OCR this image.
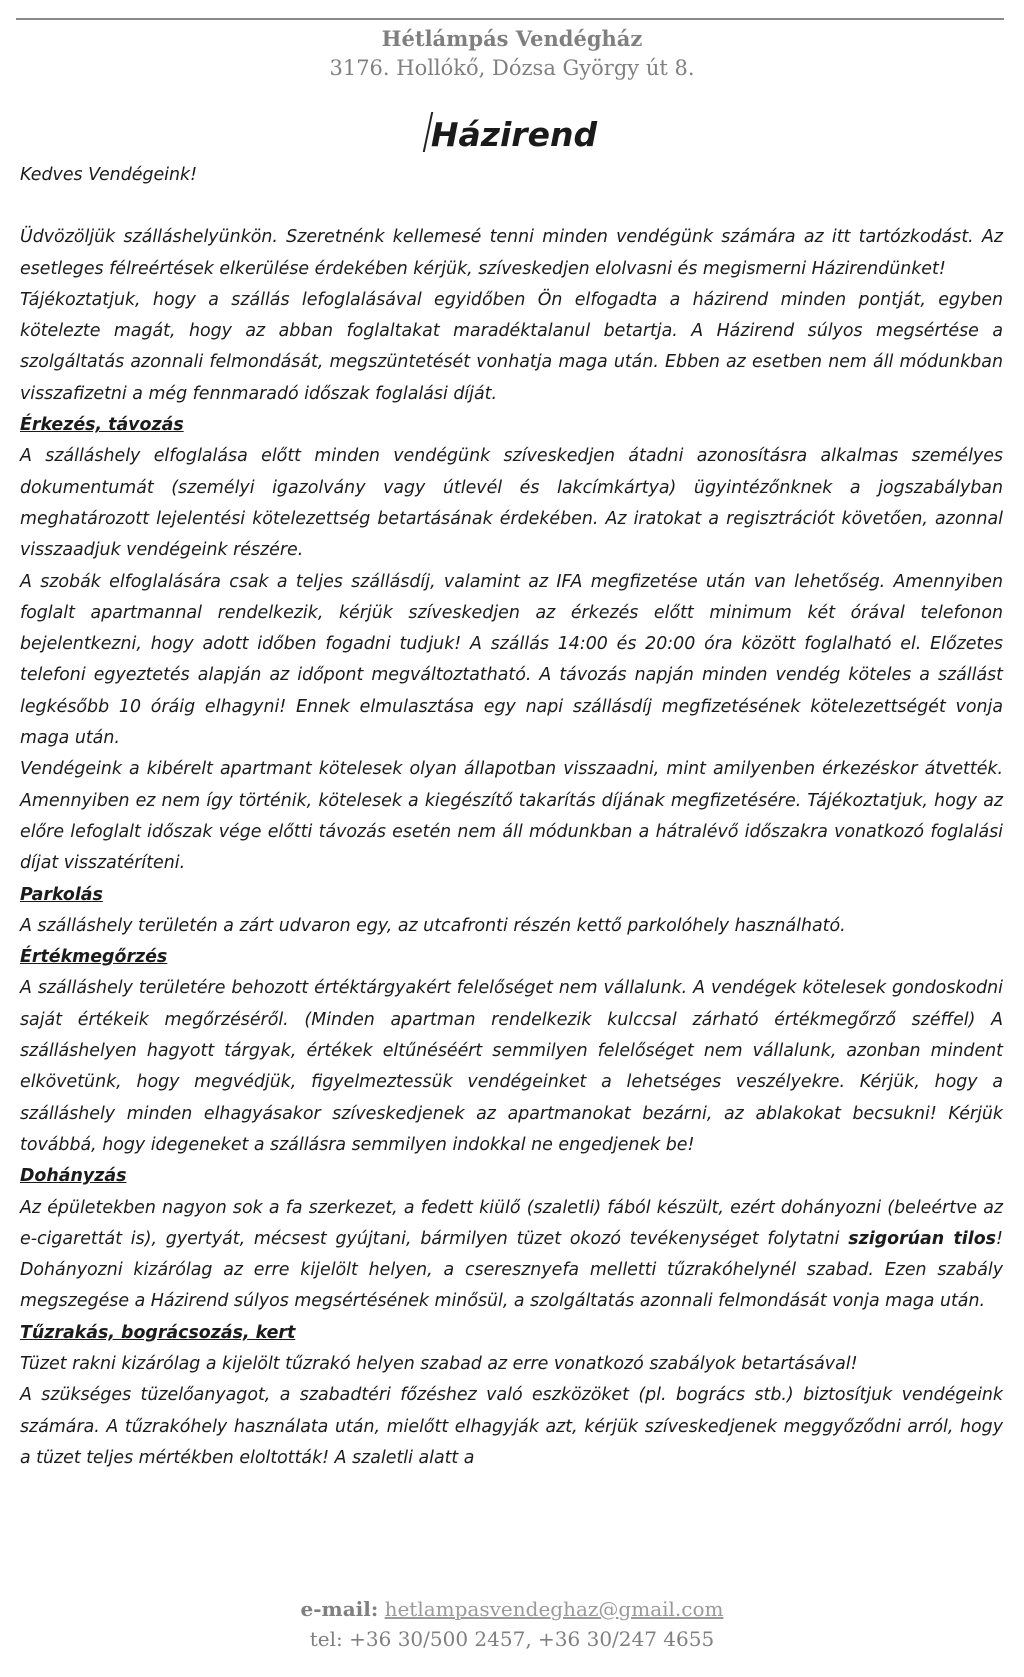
Hétlámpás Vendégház
3176. Hollókő, Dózsa György út 8.
Házirend

Kedves Vendégeink!

Üdvözöljük szálláshelyünkön. Szeretnénk kellemesé tenni minden vendégünk számára az itt tartózkodást. Az esetleges félreértések elkerülése érdekében kérjük, szíveskedjen elolvasni és megismerni Házirendünket!

Tájékoztatjuk, hogy a szállás lefoglalásával egyidőben Ön elfogadta a házirend minden pontját, egyben kötelezte magát, hogy az abban foglaltakat maradéktalanul betartja. A Házirend súlyos megsértése a szolgáltatás azonnali felmondását, megszüntetését vonhatja maga után. Ebben az esetben nem áll módunkban visszafizetni a még fennmaradó időszak foglalási díját.

Érkezés, távozás

A szálláshely elfoglalása előtt minden vendégünk szíveskedjen átadni azonosításra alkalmas személyes dokumentumát (személyi igazolvány vagy útlevél és lakcímkártya) ügyintézőnknek a jogszabályban meghatározott lejelentési kötelezettség betartásának érdekében. Az iratokat a regisztrációt követően, azonnal visszaadjuk vendégeink részére.

A szobák elfoglalására csak a teljes szállásdíj, valamint az IFA megfizetése után van lehetőség. Amennyiben foglalt apartmannal rendelkezik, kérjük szíveskedjen az érkezés előtt minimum két órával telefonon bejelentkezni, hogy adott időben fogadni tudjuk! A szállás 14:00 és 20:00 óra között foglalható el. Előzetes telefoni egyeztetés alapján az időpont megváltoztatható. A távozás napján minden vendég köteles a szállást legkésőbb 10 óráig elhagyni! Ennek elmulasztása egy napi szállásdíj megfizetésének kötelezettségét vonja maga után.

Vendégeink a kibérelt apartmant kötelesek olyan állapotban visszaadni, mint amilyenben érkezéskor átvették. Amennyiben ez nem így történik, kötelesek a kiegészítő takarítás díjának megfizetésére. Tájékoztatjuk, hogy az előre lefoglalt időszak vége előtti távozás esetén nem áll módunkban a hátralévő időszakra vonatkozó foglalási díjat visszatéríteni.

Parkolás

A szálláshely területén a zárt udvaron egy, az utcafronti részén kettő parkolóhely használható.

Értékmegőrzés

A szálláshely területére behozott értéktárgyakért felelőséget nem vállalunk. A vendégek kötelesek gondoskodni saját értékeik megőrzéséről. (Minden apartman rendelkezik kulccsal zárható értékmegőrző széffel) A szálláshelyen hagyott tárgyak, értékek eltűnéséért semmilyen felelőséget nem vállalunk, azonban mindent elkövetünk, hogy megvédjük, figyelmeztessük vendégeinket a lehetséges veszélyekre. Kérjük, hogy a szálláshely minden elhagyásakor szíveskedjenek az apartmanokat bezárni, az ablakokat becsukni! Kérjük továbbá, hogy idegeneket a szállásra semmilyen indokkal ne engedjenek be!

Dohányzás

Az épületekben nagyon sok a fa szerkezet, a fedett kiülő (szaletli) fából készült, ezért dohányozni (beleértve az e-cigarettát is), gyertyát, mécsest gyújtani, bármilyen tüzet okozó tevékenységet folytatni szigorúan tilos! Dohányozni kizárólag az erre kijelölt helyen, a cseresznyefa melletti tűzrakóhelynél szabad. Ezen szabály megszegése a Házirend súlyos megsértésének minősül, a szolgáltatás azonnali felmondását vonja maga után.

Tűzrakás, bográcsozás, kert

Tüzet rakni kizárólag a kijelölt tűzrakó helyen szabad az erre vonatkozó szabályok betartásával!

A szükséges tüzelőanyagot, a szabadtéri főzéshez való eszközöket (pl. bogrács stb.) biztosítjuk vendégeink számára. A tűzrakóhely használata után, mielőtt elhagyják azt, kérjük szíveskedjenek meggyőződni arról, hogy a tüzet teljes mértékben eloltották! A szaletli alatt a

e-mail: hetlampasvendeghaz@gmail.com
tel: +36 30/500 2457, +36 30/247 4655
